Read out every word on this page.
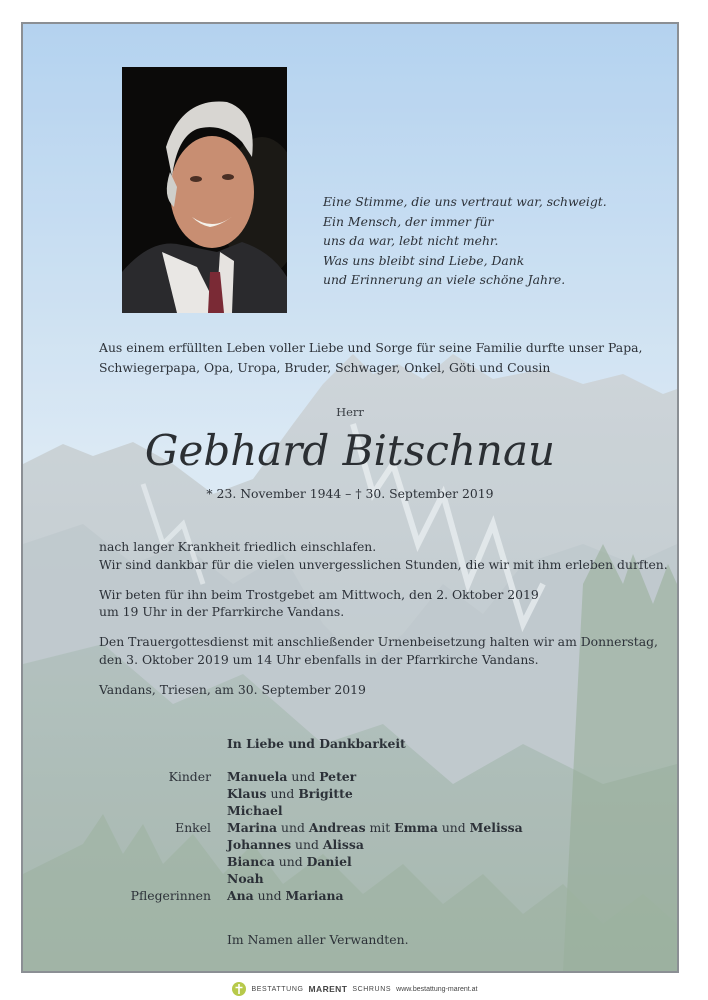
Eine Stimme, die uns vertraut war, schweigt.
Ein Mensch, der immer für
uns da war, lebt nicht mehr.
Was uns bleibt sind Liebe, Dank
und Erinnerung an viele schöne Jahre.
Aus einem erfüllten Leben voller Liebe und Sorge für seine Familie durfte unser Papa,
Schwiegerpapa, Opa, Uropa, Bruder, Schwager, Onkel, Göti und Cousin
Herr
Gebhard Bitschnau
* 23. November 1944 – † 30. September 2019

nach langer Krankheit friedlich einschlafen.
Wir sind dankbar für die vielen unvergesslichen Stunden, die wir mit ihm erleben durften.

Wir beten für ihn beim Trostgebet am Mittwoch, den 2. Oktober 2019
um 19 Uhr in der Pfarrkirche Vandans.

Den Trauergottesdienst mit anschließender Urnenbeisetzung halten wir am Donnerstag,
den 3. Oktober 2019 um 14 Uhr ebenfalls in der Pfarrkirche Vandans.

Vandans, Triesen, am 30. September 2019

In Liebe und Dankbarkeit
Kinder Manuela und Peter
Klaus und Brigitte
Michael
Enkel Marina und Andreas mit Emma und Melissa
Johannes und Alissa
Bianca und Daniel
Noah
Pflegerinnen Ana und Mariana
Im Namen aller Verwandten.
BESTATTUNG MARENT SCHRUNS www.bestattung-marent.at
